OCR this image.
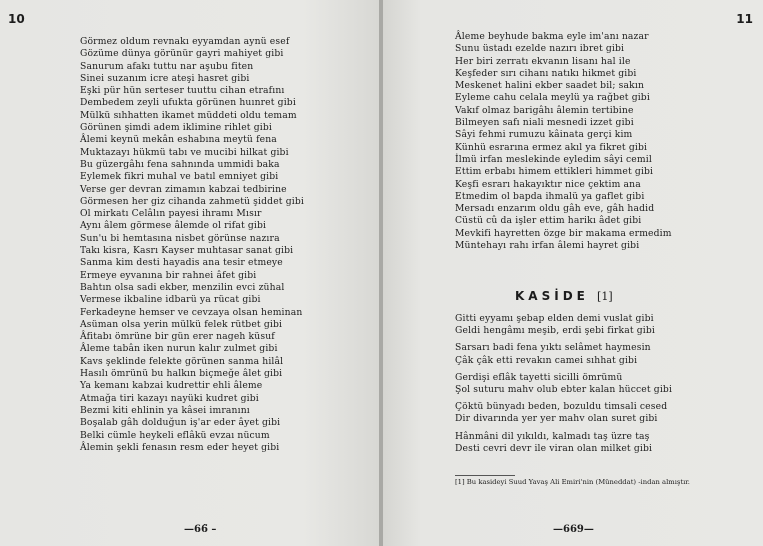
10
Görmez oldum revnakı eyyamdan aynü esef
Gözüme dünya görünür gayri mahiyet gibi
Sanurum afakı tuttu nar aşubu fiten
Sinei suzanım icre ateşi hasret gibi
Eşki pür hün serteser tuuttu cihan etrafını
Dembedem zeyli ufukta görünen huınret gibi
Mülkü sıhhatten ikamet müddeti oldu temam
Görünen şimdi adem iklimine rihlet gibi
Âlemi keynü mekân eshabına meytü fena
Muktazayı hükmü tabı ve mucibi hilkat gibi
Bu güzergâhı fena sahnında ummidi baka
Eylemek fikri muhal ve batıl emniyet gibi
Verse ger devran zimamın kabzai tedbirine
Görmesen her giz cihanda zahmetü şiddet gibi
Ol mirkatı Celâlın payesi ihramı Mısır
Aynı âlem görmese âlemde ol rifat gibi
Sun'u bi hemtasına nisbet görünse nazıra
Takı kisra, Kasrı Kayser muhtasar sanat gibi
Sanma kim desti hayadis ana tesir etmeye
Ermeye eyvanına bir rahnei âfet gibi
Bahtın olsa sadi ekber, menzilin evci zühal
Vermese ikbaline idbarü ya rücat gibi
Ferkadeyne hemser ve cevzaya olsan heminan
Asüman olsa yerin mülkü felek rütbet gibi
Âfitabı ömrüne bir gün erer nageh küsuf
Âleme tabân iken nurun kalır zulmet gibi
Kavs şeklinde felekte görünen sanma hilâl
Hasılı ömrünü bu halkın biçmeğe âlet gibi
Ya kemanı kabzai kudrettir ehli âleme
Atmağa tiri kazayı nayüki kudret gibi
Bezmi kiti ehlinin ya kâsei imranını
Boşalab gâh dolduğun iş'ar eder âyet gibi
Belki cümle heykeli eflâkü evzaı nücum
Âlemin şekli fenasın resm eder heyet gibi
—66̃ –
11
Âleme beyhude bakma eyle im'anı nazar
Sunu üstadı ezelde nazırı ibret gibi
Her biri zerratı ekvanın lisanı hal ile
Keşfeder sırı cihanı natıkı hikmet gibi
Meskenet halini ekber saadet bil; sakın
Eyleme cahu celala meylü ya rağbet gibi
Vakıf olmaz barigâhı âlemin tertibine
Bilmeyen safı niali mesnedi izzet gibi
Sâyi fehmi rumuzu kâinata gerçi kim
Künhü esrarına ermez akıl ya fikret gibi
İlmü irfan meslekinde eyledim sâyi cemil
Ettim erbabı himem ettikleri himmet gibi
Keşfi esrarı hakayıktır nice çektim ana
Etmedim ol bapda ihmalü ya gaflet gibi
Mersadı enzarım oldu gâh eve, gâh hadid
Cüstü cû da işler ettim harikı âdet gibi
Mevkifi hayretten özge bir makama ermedim
Müntehayı rahı irfan âlemi hayret gibi
KASİDE [1]
Gitti eyyamı şebap elden demi vuslat gibi
Geldi hengâmı meşib, erdi şebi firkat gibi
Sarsarı badi fena yıktı selâmet haymesin
Çâk çâk etti revakın camei sıhhat gibi
Gerdişi eflâk tayetti sicilli ömrümü
Şol suturu mahv olub ebter kalan hüccet gibi
Çöktü bünyadı beden, bozuldu timsali cesed
Dir divarında yer yer mahv olan suret gibi
Hânmâni dil yıkıldı, kalmadı taş üzre taş
Desti cevri devr ile viran olan milket gibi
[1] Bu kasideyi Suud Yavaş Ali Emiri'nin (Müneddat) -indan almıştır.
—669—
